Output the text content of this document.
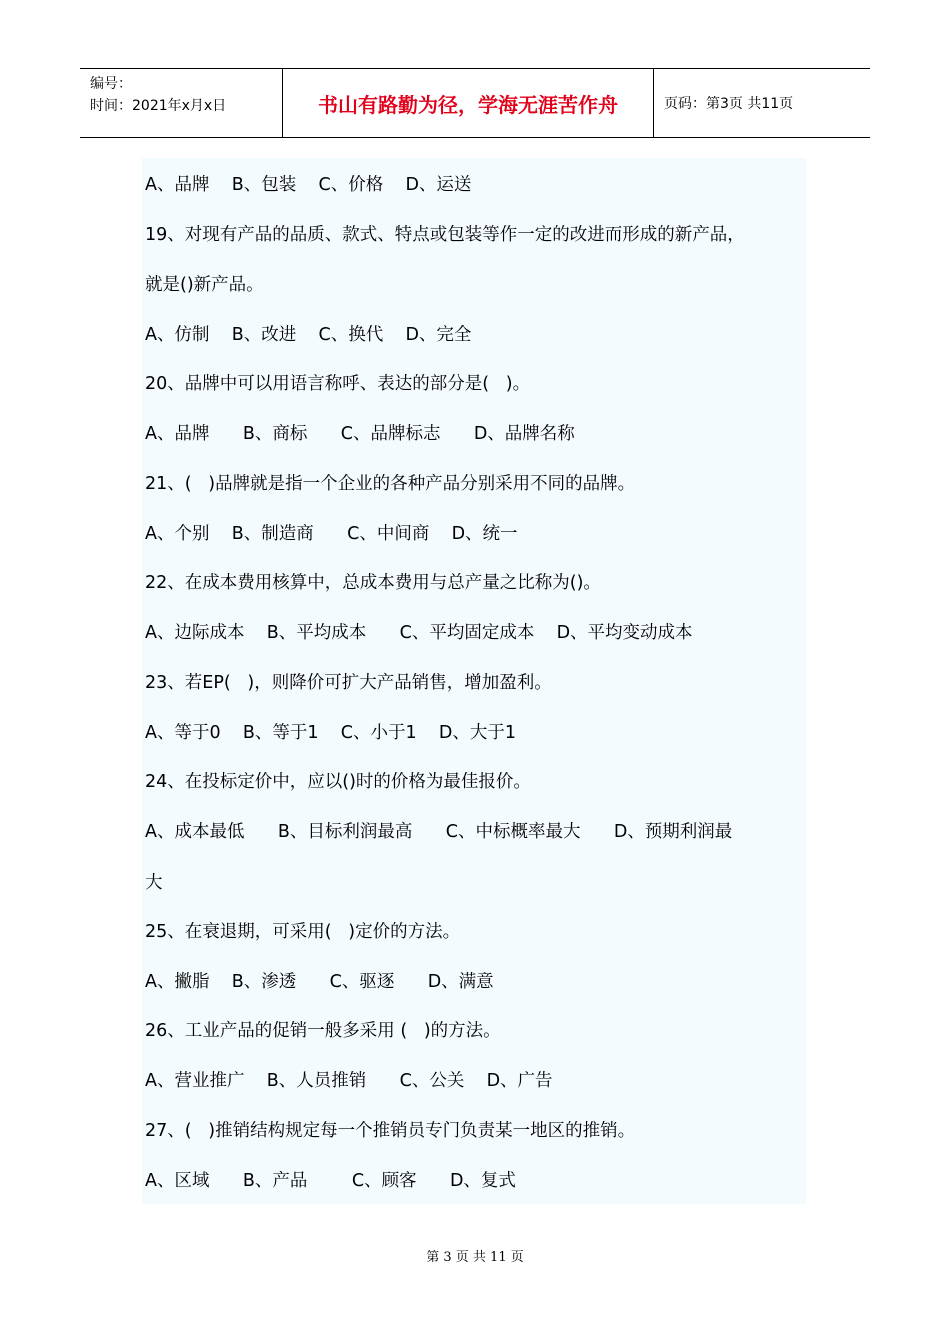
编号：
时间：2021年x月x日	书山有路勤为径，学海无涯苦作舟	页码：第3页 共11页
A、品牌    B、包装    C、价格    D、运送
19、对现有产品的品质、款式、特点或包装等作一定的改进而形成的新产品，
就是()新产品。
A、仿制    B、改进    C、换代    D、完全
20、品牌中可以用语言称呼、表达的部分是(   )。
A、品牌      B、商标      C、品牌标志      D、品牌名称
21、(   )品牌就是指一个企业的各种产品分别采用不同的品牌。
A、个别    B、制造商      C、中间商    D、统一
22、在成本费用核算中，总成本费用与总产量之比称为()。
A、边际成本    B、平均成本      C、平均固定成本    D、平均变动成本
23、若EP(   )，则降价可扩大产品销售，增加盈利。
A、等于0    B、等于1    C、小于1    D、大于1
24、在投标定价中，应以()时的价格为最佳报价。
A、成本最低      B、目标利润最高      C、中标概率最大      D、预期利润最
大
25、在衰退期，可采用(   )定价的方法。
A、撇脂    B、渗透      C、驱逐      D、满意
26、工业产品的促销一般多采用 (   )的方法。
A、营业推广    B、人员推销      C、公关    D、广告
27、(   )推销结构规定每一个推销员专门负责某一地区的推销。
A、区域      B、产品        C、顾客      D、复式
第 3 页 共 11 页
